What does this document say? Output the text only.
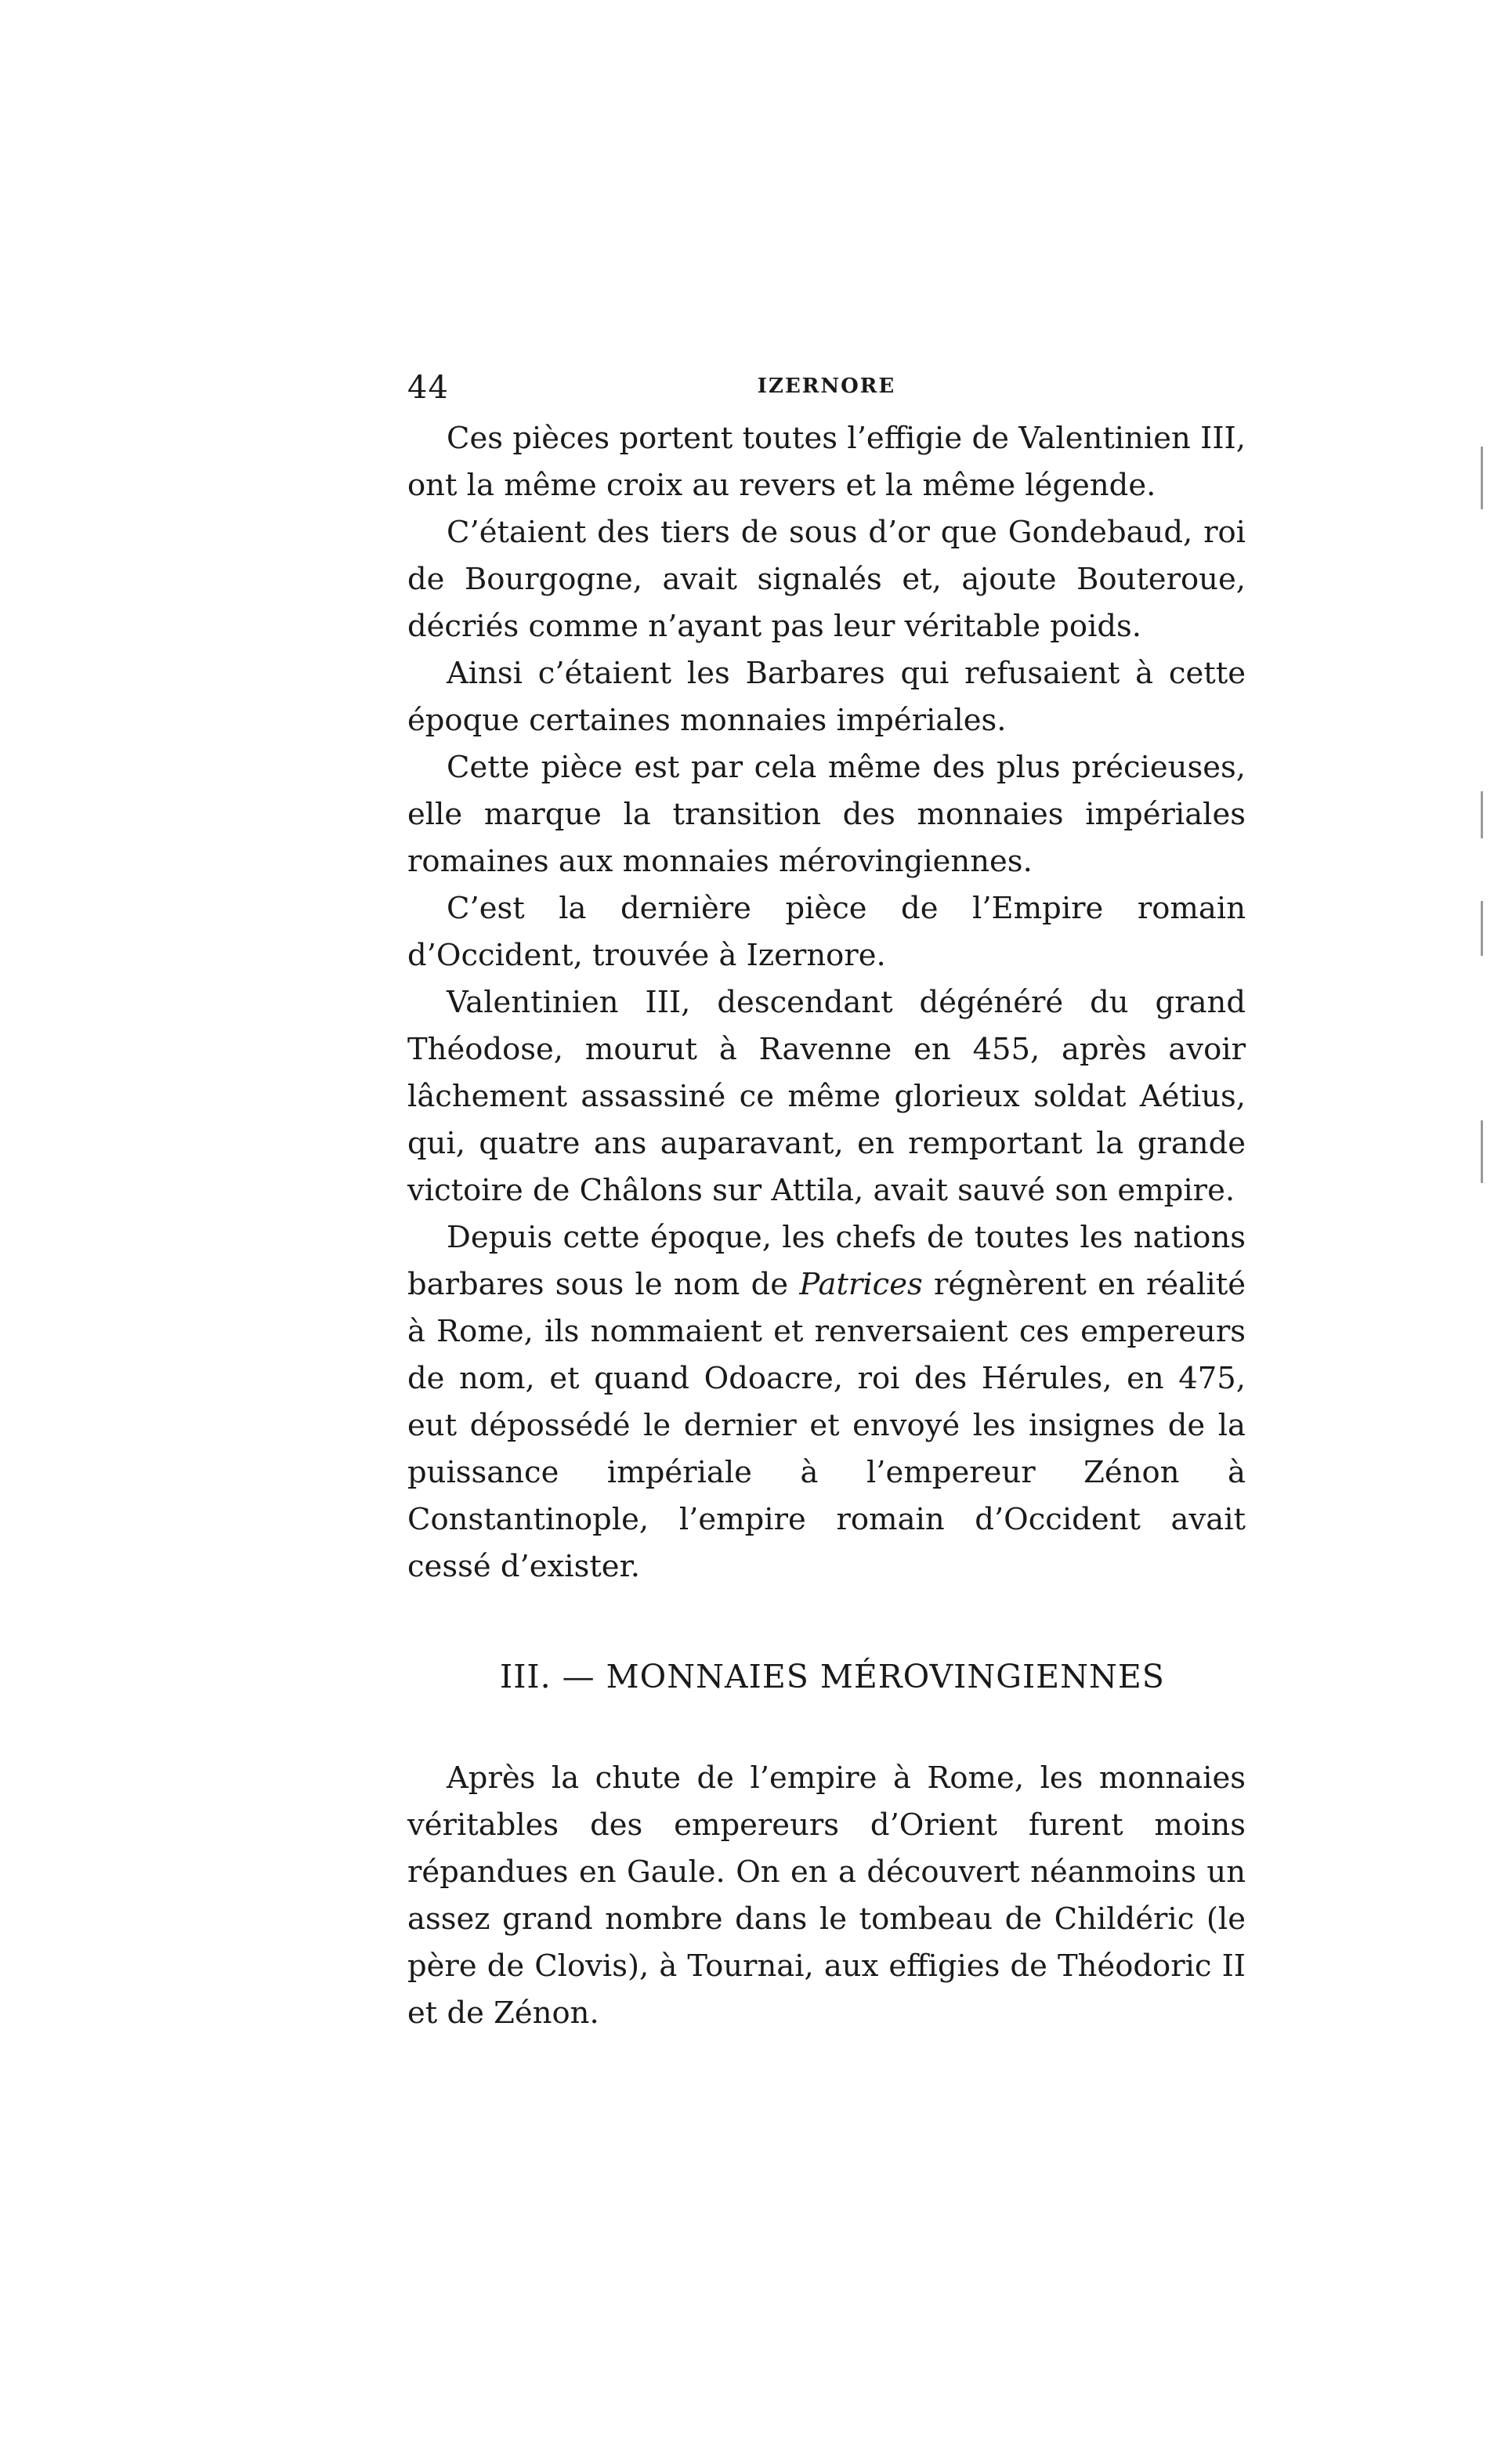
44	IZERNORE

Ces pièces portent toutes l’effigie de Valentinien III, ont la même croix au revers et la même légende.

C’étaient des tiers de sous d’or que Gondebaud, roi de Bourgogne, avait signalés et, ajoute Bouteroue, décriés comme n’ayant pas leur véritable poids.

Ainsi c’étaient les Barbares qui refusaient à cette époque certaines monnaies impériales.

Cette pièce est par cela même des plus précieuses, elle marque la transition des monnaies impériales romaines aux monnaies mérovingiennes.

C’est la dernière pièce de l’Empire romain d’Occident, trouvée à Izernore.

Valentinien III, descendant dégénéré du grand Théodose, mourut à Ravenne en 455, après avoir lâchement assassiné ce même glorieux soldat Aétius, qui, quatre ans auparavant, en remportant la grande victoire de Châlons sur Attila, avait sauvé son empire.

Depuis cette époque, les chefs de toutes les nations barbares sous le nom de Patrices régnèrent en réalité à Rome, ils nommaient et renversaient ces empereurs de nom, et quand Odoacre, roi des Hérules, en 475, eut dépossédé le dernier et envoyé les insignes de la puissance impériale à l’empereur Zénon à Constantinople, l’empire romain d’Occident avait cessé d’exister.

III. — MONNAIES MÉROVINGIENNES

Après la chute de l’empire à Rome, les monnaies véritables des empereurs d’Orient furent moins répandues en Gaule. On en a découvert néanmoins un assez grand nombre dans le tombeau de Childéric (le père de Clovis), à Tournai, aux effigies de Théodoric II et de Zénon.
